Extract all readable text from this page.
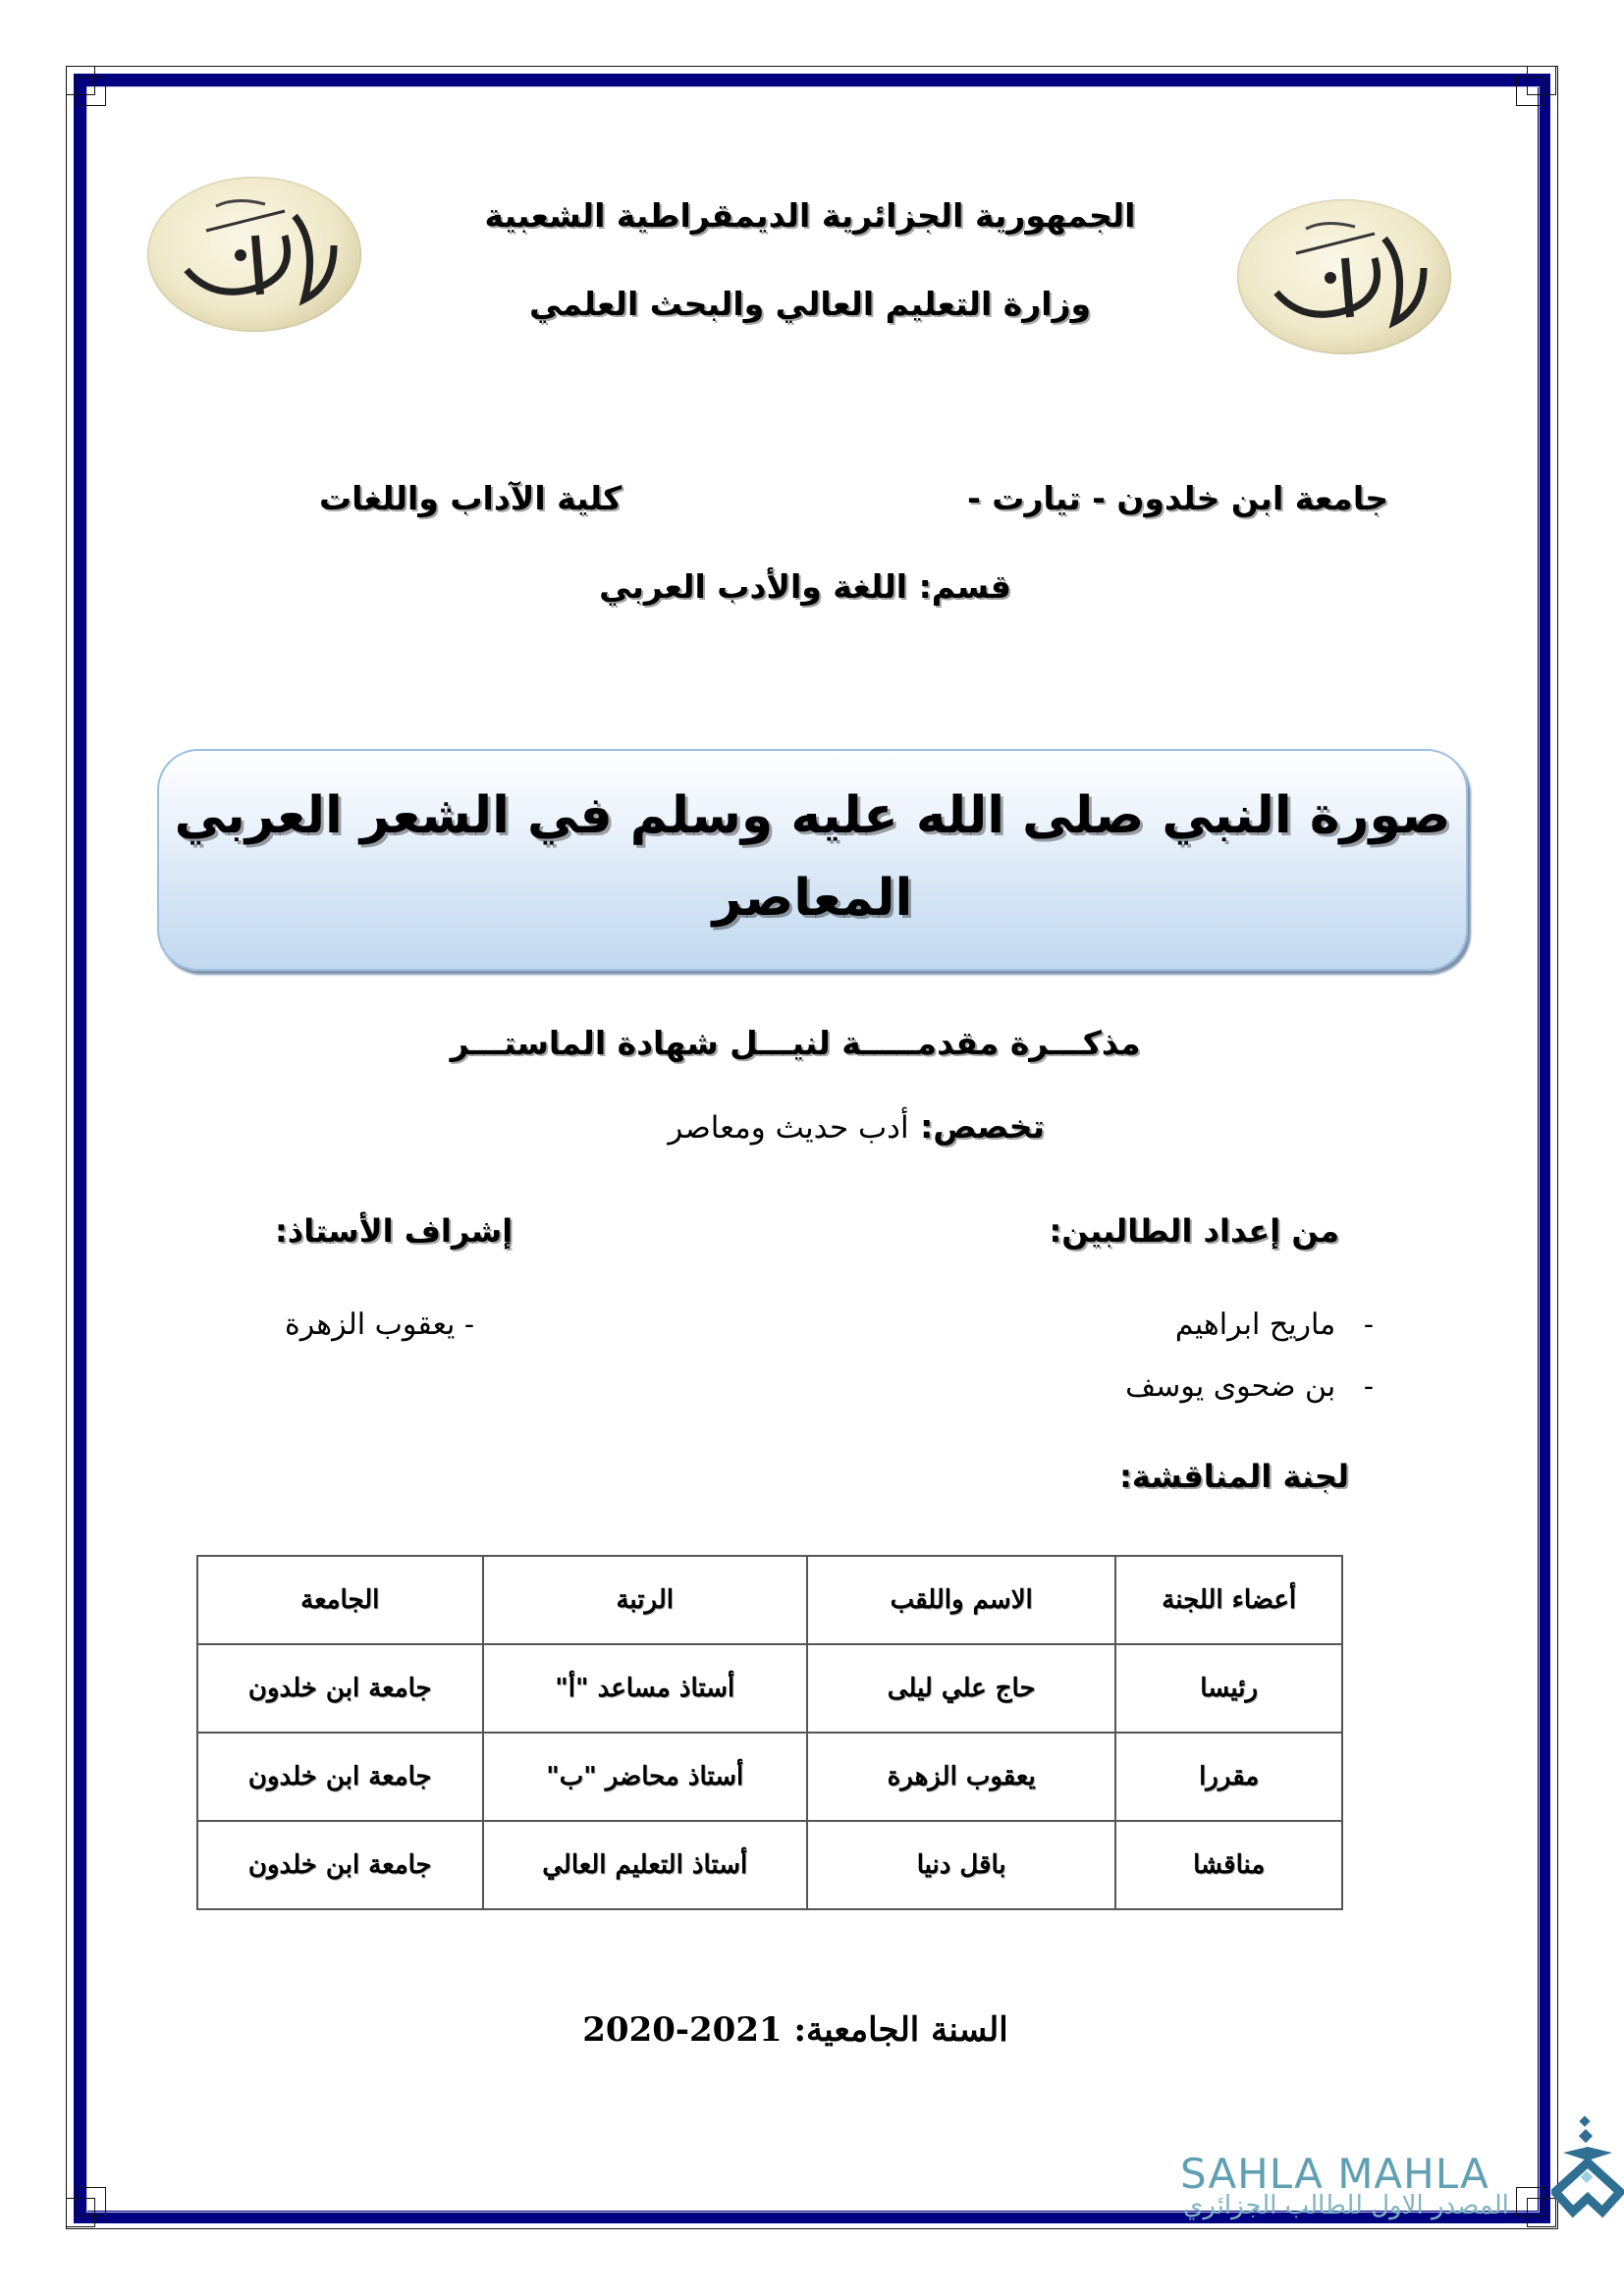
الجمهورية الجزائرية الديمقراطية الشعبية
وزارة التعليم العالي والبحث العلمي
جامعة ابن خلدون - تيارت -
كلية الآداب واللغات
قسم: اللغة والأدب العربي
صورة النبي صلى الله عليه وسلم في الشعر العربي
المعاصر
مذكـــرة مقدمـــــة لنيـــل شهادة الماستـــر
تخصص: أدب حديث ومعاصر
من إعداد الطالبين:
إشراف الأستاذ:
-   ماريح ابراهيم
-   بن ضحوى يوسف
- يعقوب الزهرة
لجنة المناقشة:
أعضاء اللجنة	الاسم واللقب	الرتبة	الجامعة
رئيسا	حاج علي ليلى	أستاذ مساعد "أ"	جامعة ابن خلدون
مقررا	يعقوب الزهرة	أستاذ محاضر "ب"	جامعة ابن خلدون
مناقشا	باقل دنيا	أستاذ التعليم العالي	جامعة ابن خلدون
السنة الجامعية: 2020-2021
SAHLA MAHLA
المصدر الاول للطالب الجزائري
